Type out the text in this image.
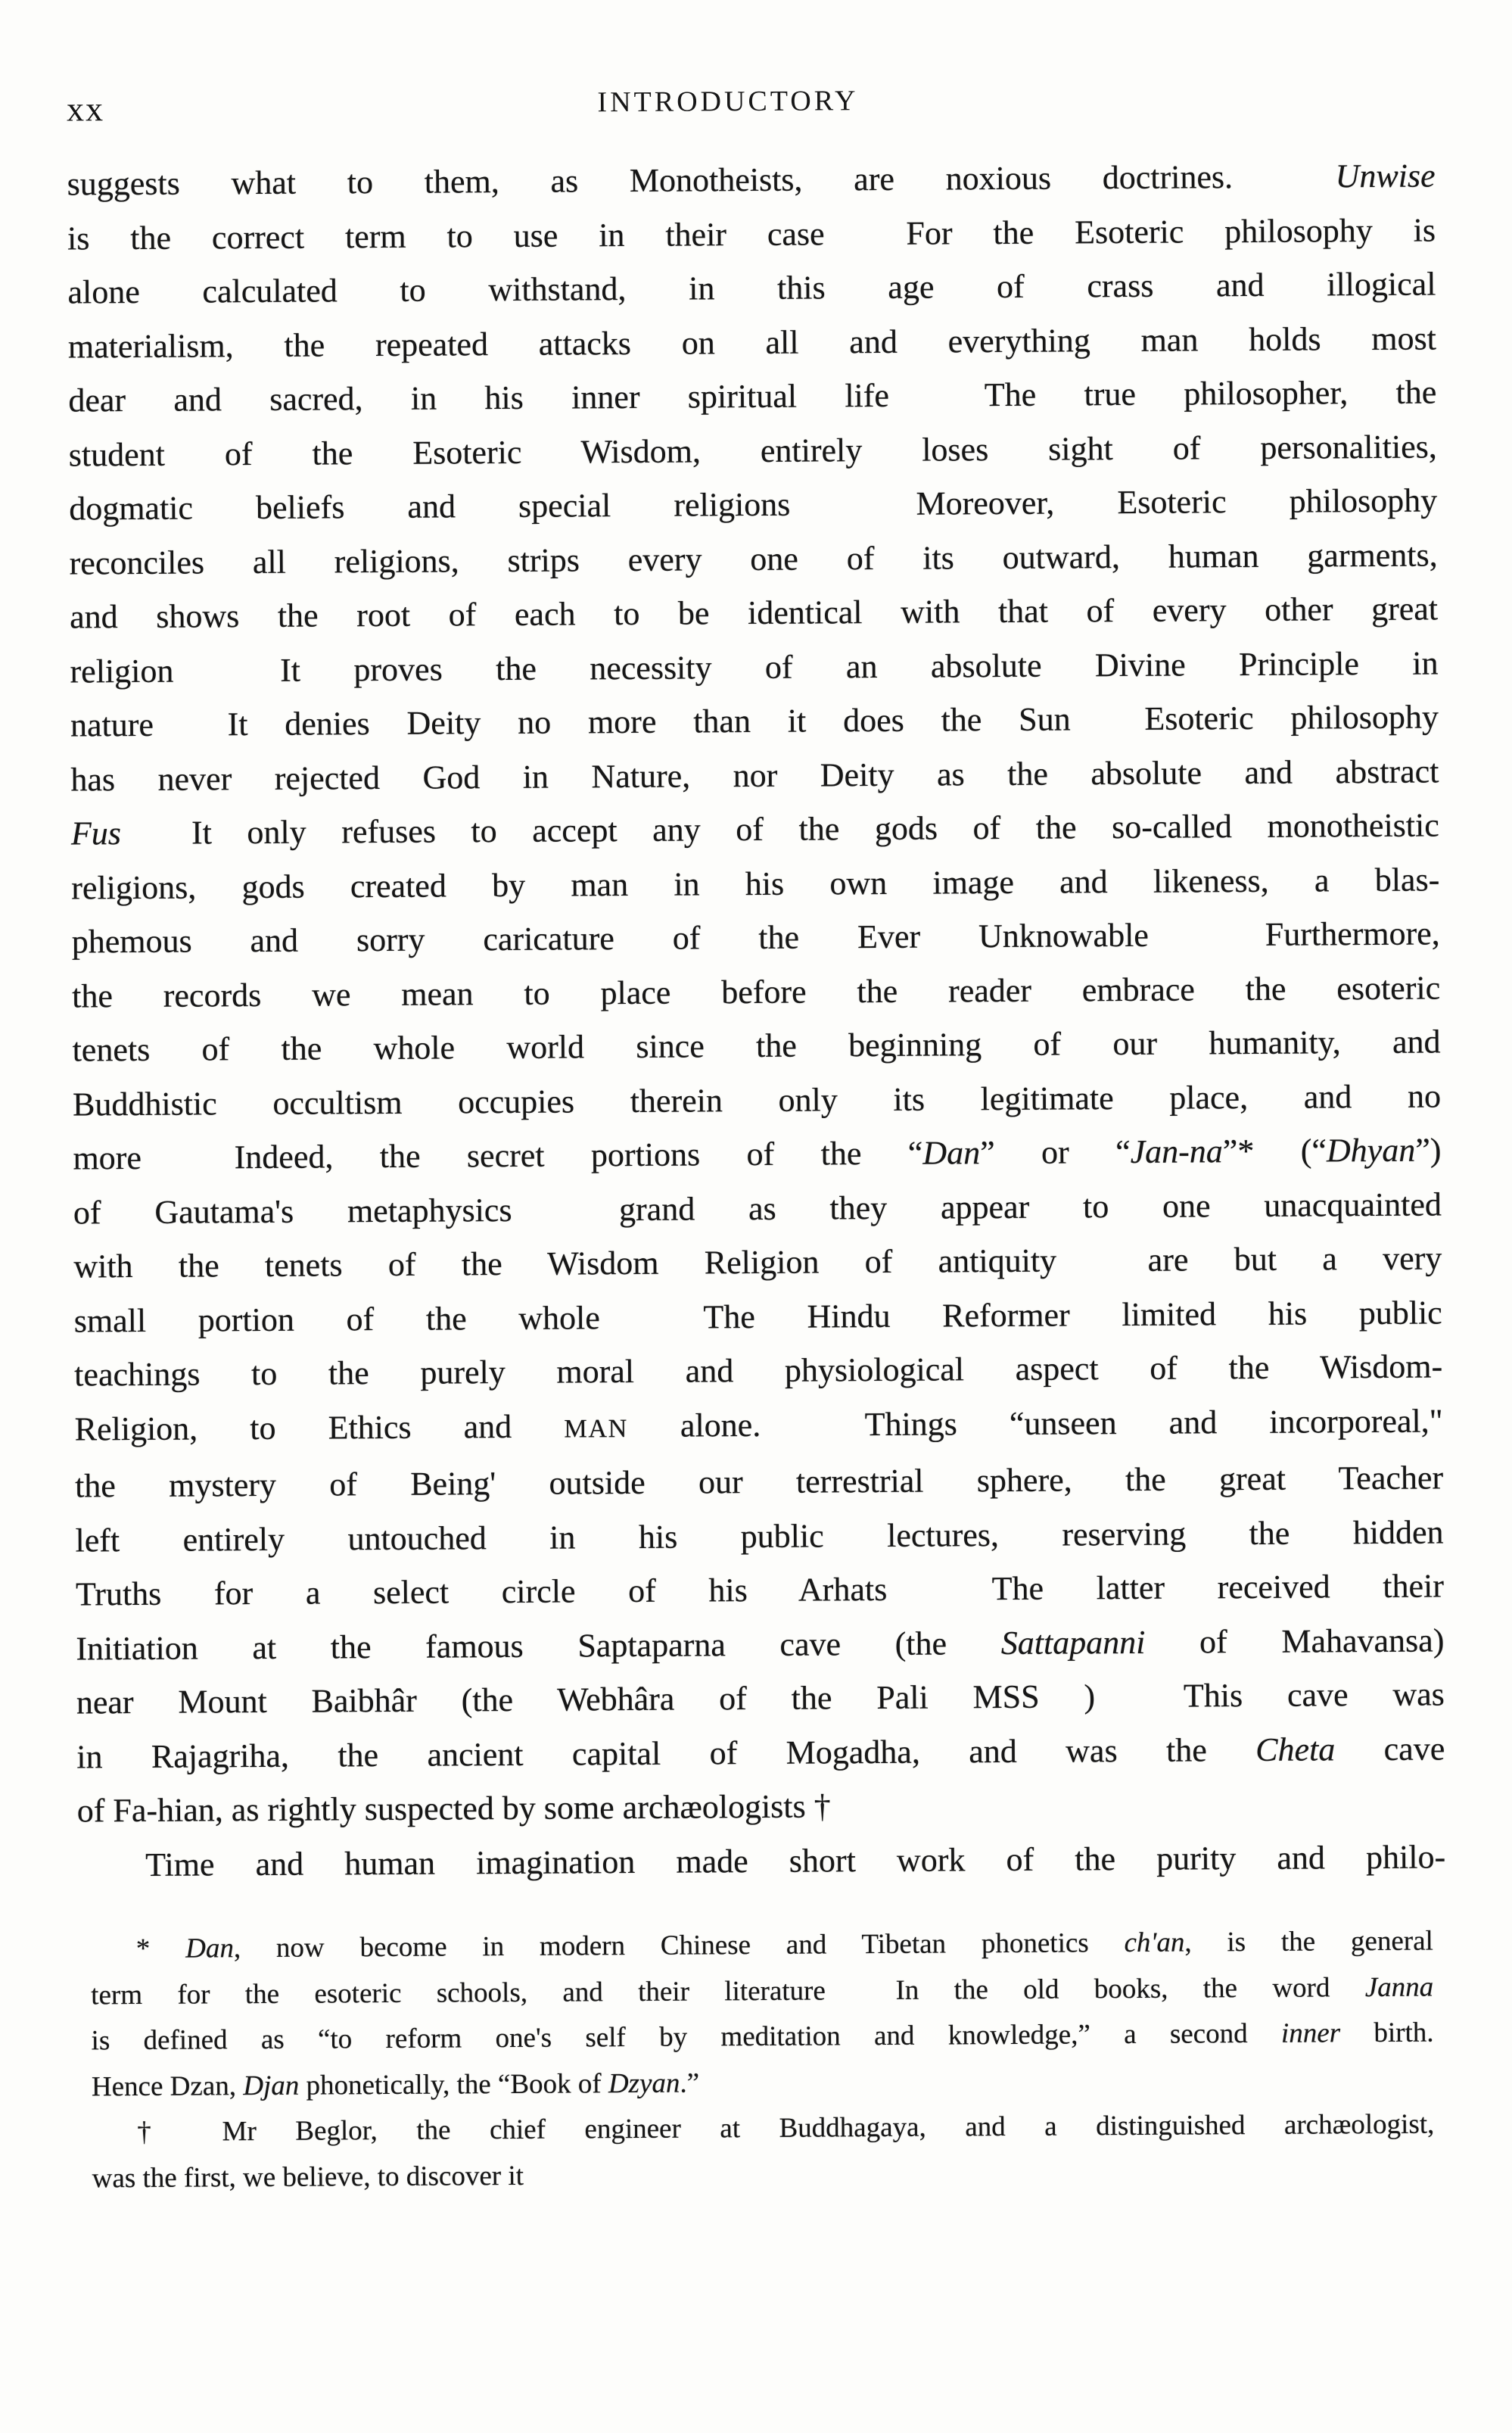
xx	INTRODUCTORY
suggests what to them, as Monotheists, are noxious doctrines.  Unwise
is the correct term to use in their case  For the Esoteric philosophy is
alone calculated to withstand, in this age of crass and illogical
materialism, the repeated attacks on all and everything man holds most
dear and sacred, in his inner spiritual life  The true philosopher, the
student of the Esoteric Wisdom, entirely loses sight of personalities,
dogmatic beliefs and special religions  Moreover, Esoteric philosophy
reconciles all religions, strips every one of its outward, human garments,
and shows the root of each to be identical with that of every other great
religion  It proves the necessity of an absolute Divine Principle in
nature  It denies Deity no more than it does the Sun  Esoteric philosophy
has never rejected God in Nature, nor Deity as the absolute and abstract
Fus  It only refuses to accept any of the gods of the so-called monotheistic
religions, gods created by man in his own image and likeness, a blas-
phemous and sorry caricature of the Ever Unknowable  Furthermore,
the records we mean to place before the reader embrace the esoteric
tenets of the whole world since the beginning of our humanity, and
Buddhistic occultism occupies therein only its legitimate place, and no
more  Indeed, the secret portions of the “Dan” or “Jan-na”* (“Dhyan”)
of Gautama's metaphysics  grand as they appear to one unacquainted
with the tenets of the Wisdom Religion of antiquity  are but a very
small portion of the whole  The Hindu Reformer limited his public
teachings to the purely moral and physiological aspect of the Wisdom-
Religion, to Ethics and MAN alone.  Things “unseen and incorporeal,"
the mystery of Being' outside our terrestrial sphere, the great Teacher
left entirely untouched in his public lectures, reserving the hidden
Truths for a select circle of his Arhats  The latter received their
Initiation at the famous Saptaparna cave (the Sattapanni of Mahavansa)
near Mount Baibhâr (the Webhâra of the Pali MSS )  This cave was
in Rajagriha, the ancient capital of Mogadha, and was the Cheta cave
of Fa-hian, as rightly suspected by some archæologists †
Time and human imagination made short work of the purity and philo-
* Dan, now become in modern Chinese and Tibetan phonetics ch'an, is the general
term for the esoteric schools, and their literature  In the old books, the word Janna
is defined as “to reform one's self by meditation and knowledge,” a second inner birth.
Hence Dzan, Djan phonetically, the “Book of Dzyan.”
† Mr Beglor, the chief engineer at Buddhagaya, and a distinguished archæologist,
was the first, we believe, to discover it
